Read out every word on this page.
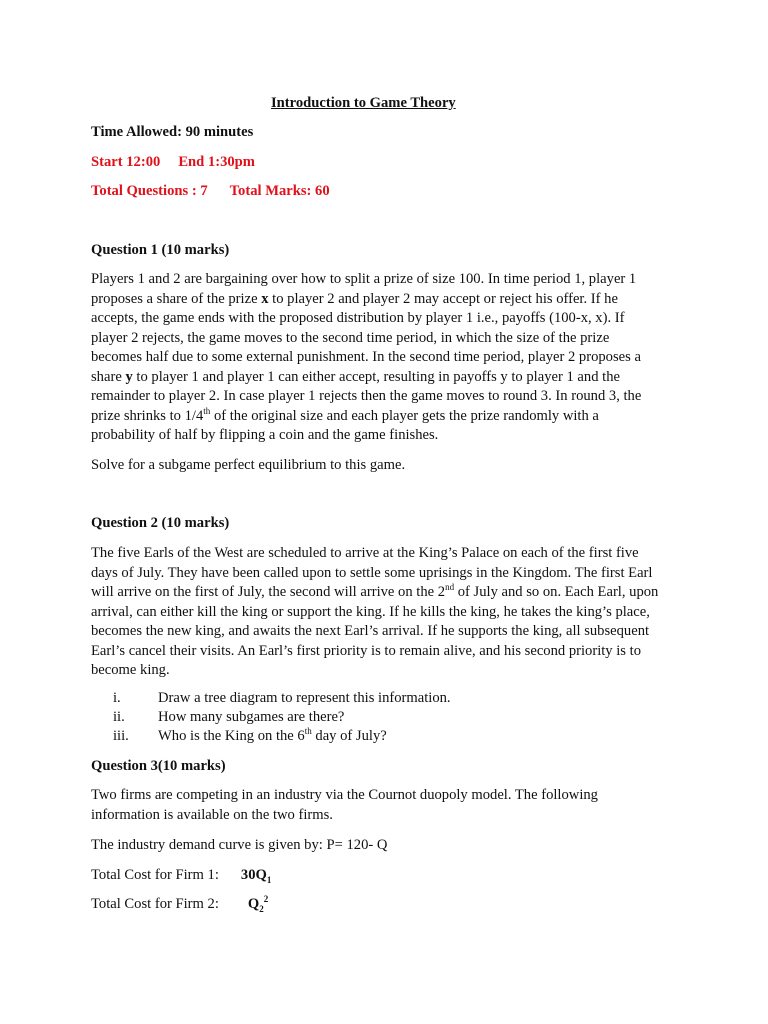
Introduction to Game Theory
Time Allowed: 90 minutes
Start 12:00 End 1:30pm
Total Questions : 7 Total Marks: 60
Question 1 (10 marks)
Players 1 and 2 are bargaining over how to split a prize of size 100. In time period 1, player 1
proposes a share of the prize x to player 2 and player 2 may accept or reject his offer. If he
accepts, the game ends with the proposed distribution by player 1 i.e., payoffs (100-x, x). If
player 2 rejects, the game moves to the second time period, in which the size of the prize
becomes half due to some external punishment. In the second time period, player 2 proposes a
share y to player 1 and player 1 can either accept, resulting in payoffs y to player 1 and the
remainder to player 2. In case player 1 rejects then the game moves to round 3. In round 3, the
prize shrinks to 1/4th of the original size and each player gets the prize randomly with a
probability of half by flipping a coin and the game finishes.
Solve for a subgame perfect equilibrium to this game.
Question 2 (10 marks)
The five Earls of the West are scheduled to arrive at the King’s Palace on each of the first five
days of July. They have been called upon to settle some uprisings in the Kingdom. The first Earl
will arrive on the first of July, the second will arrive on the 2nd of July and so on. Each Earl, upon
arrival, can either kill the king or support the king. If he kills the king, he takes the king’s place,
becomes the new king, and awaits the next Earl’s arrival. If he supports the king, all subsequent
Earl’s cancel their visits. An Earl’s first priority is to remain alive, and his second priority is to
become king.
i.	Draw a tree diagram to represent this information.
ii. How many subgames are there?
iii. Who is the King on the 6th day of July?
Question 3(10 marks)
Two firms are competing in an industry via the Cournot duopoly model. The following
information is available on the two firms.
The industry demand curve is given by: P= 120- Q
Total Cost for Firm 1: $30Q_1$
Total Cost for Firm 2: $Q_2^2$
